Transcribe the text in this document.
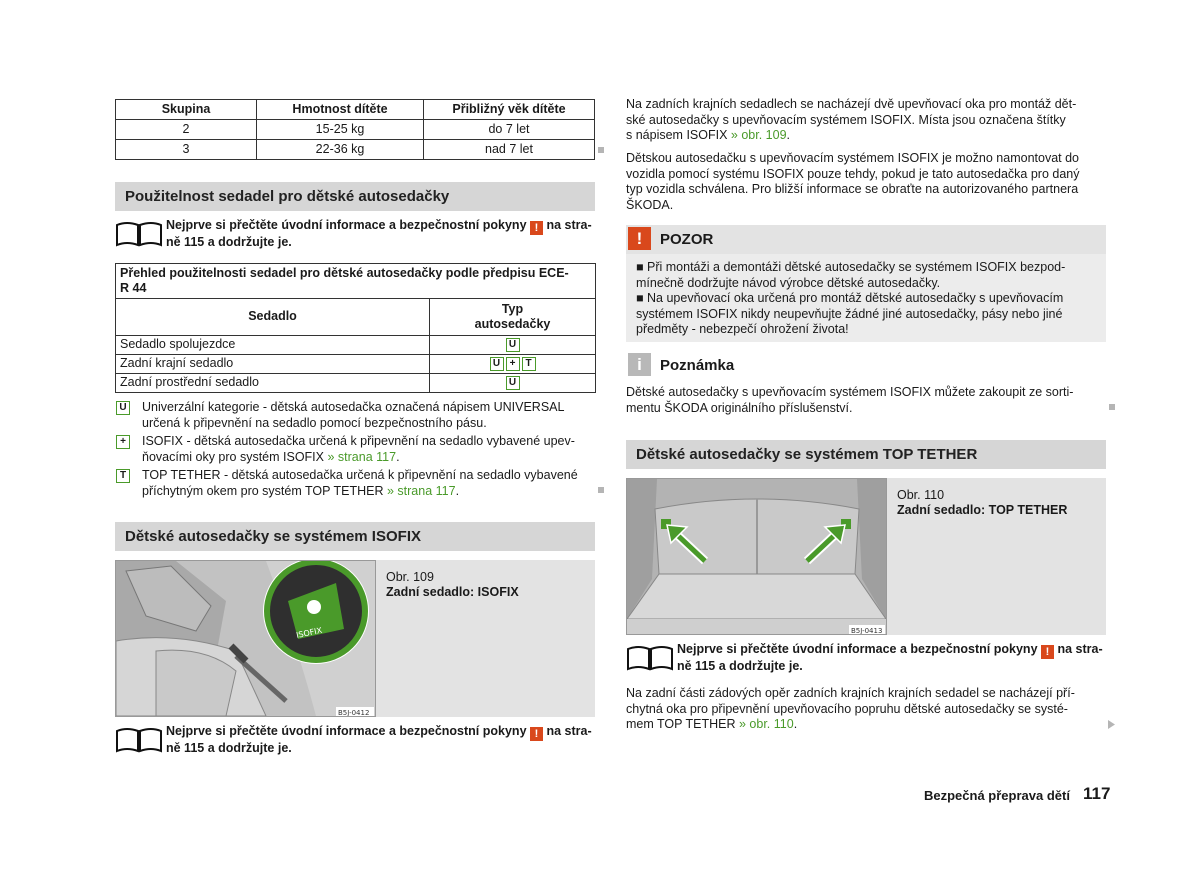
Skupina	Hmotnost dítěte	Přibližný věk dítěte
2	15-25 kg	do 7 let
3	22-36 kg	nad 7 let
Použitelnost sedadel pro dětské autosedačky
Nejprve si přečtěte úvodní informace a bezpečnostní pokyny ! na stra-
ně 115 a dodržujte je.
Přehled použitelnosti sedadel pro dětské autosedačky podle předpisu ECE-
R 44	
Sedadlo	Typ
autosedačky
Sedadlo spolujezdce	U
Zadní krajní sedadlo	U + T
Zadní prostřední sedadlo	U
U Univerzální kategorie - dětská autosedačka označená nápisem UNIVERSAL
určená k připevnění na sedadlo pomocí bezpečnostního pásu.
+	ISOFIX - dětská autosedačka určená k připevnění na sedadlo vybavené upev-
ňovacími oky pro systém ISOFIX » strana 117.
T	TOP TETHER - dětská autosedačka určená k připevnění na sedadlo vybavené
příchytným okem pro systém TOP TETHER » strana 117.
Dětské autosedačky se systémem ISOFIX
ISOFIX
B5J-0412
Obr. 109
Zadní sedadlo: ISOFIX
Nejprve si přečtěte úvodní informace a bezpečnostní pokyny ! na stra-
ně 115 a dodržujte je.
Na zadních krajních sedadlech se nacházejí dvě upevňovací oka pro montáž dět-
ské autosedačky s upevňovacím systémem ISOFIX. Místa jsou označena štítky
s nápisem ISOFIX » obr. 109.
Dětskou autosedačku s upevňovacím systémem ISOFIX je možno namontovat do
vozidla pomocí systému ISOFIX pouze tehdy, pokud je tato autosedačka pro daný
typ vozidla schválena. Pro bližší informace se obraťte na autorizovaného partnera
ŠKODA.
!	POZOR
■ Při montáži a demontáži dětské autosedačky se systémem ISOFIX bezpod-
mínečně dodržujte návod výrobce dětské autosedačky.
■ Na upevňovací oka určená pro montáž dětské autosedačky s upevňovacím
systémem ISOFIX nikdy neupevňujte žádné jiné autosedačky, pásy nebo jiné
předměty - nebezpečí ohrožení života!
i	Poznámka
Dětské autosedačky s upevňovacím systémem ISOFIX můžete zakoupit ze sorti-
mentu ŠKODA originálního příslušenství.
Dětské autosedačky se systémem TOP TETHER
B5J-0413
Obr. 110
Zadní sedadlo: TOP TETHER
Nejprve si přečtěte úvodní informace a bezpečnostní pokyny ! na stra-
ně 115 a dodržujte je.
Na zadní části zádových opěr zadních krajních krajních sedadel se nacházejí pří-
chytná oka pro připevnění upevňovacího popruhu dětské autosedačky se systé-
mem TOP TETHER » obr. 110.
Bezpečná přeprava dětí 117
